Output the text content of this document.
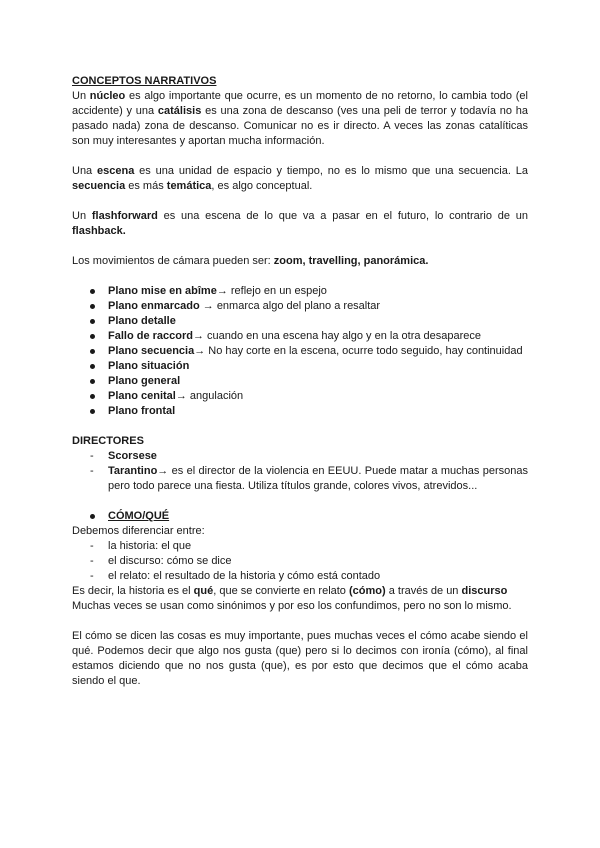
CONCEPTOS NARRATIVOS

Un núcleo es algo importante que ocurre, es un momento de no retorno, lo cambia todo (el accidente) y una catálisis es una zona de descanso (ves una peli de terror y todavía no ha pasado nada) zona de descanso. Comunicar no es ir directo. A veces las zonas catalíticas son muy interesantes y aportan mucha información.

Una escena es una unidad de espacio y tiempo, no es lo mismo que una secuencia. La secuencia es más temática, es algo conceptual.

Un flashforward es una escena de lo que va a pasar en el futuro, lo contrario de un flashback.

Los movimientos de cámara pueden ser: zoom, travelling, panorámica.

Plano mise en abîme→ reflejo en un espejo
Plano enmarcado → enmarca algo del plano a resaltar
Plano detalle
Fallo de raccord→ cuando en una escena hay algo y en la otra desaparece
Plano secuencia→ No hay corte en la escena, ocurre todo seguido, hay continuidad
Plano situación
Plano general
Plano cenital→ angulación
Plano frontal

DIRECTORES

- Scorsese
- Tarantino→ es el director de la violencia en EEUU. Puede matar a muchas personas pero todo parece una fiesta. Utiliza títulos grande, colores vivos, atrevidos...

CÓMO/QUÉ

Debemos diferenciar entre:

- la historia: el que
- el discurso: cómo se dice
- el relato: el resultado de la historia y cómo está contado

Es decir, la historia es el qué, que se convierte en relato (cómo) a través de un discurso

Muchas veces se usan como sinónimos y por eso los confundimos, pero no son lo mismo.

El cómo se dicen las cosas es muy importante, pues muchas veces el cómo acabe siendo el qué. Podemos decir que algo nos gusta (que) pero si lo decimos con ironía (cómo), al final estamos diciendo que no nos gusta (que), es por esto que decimos que el cómo acaba siendo el que.
